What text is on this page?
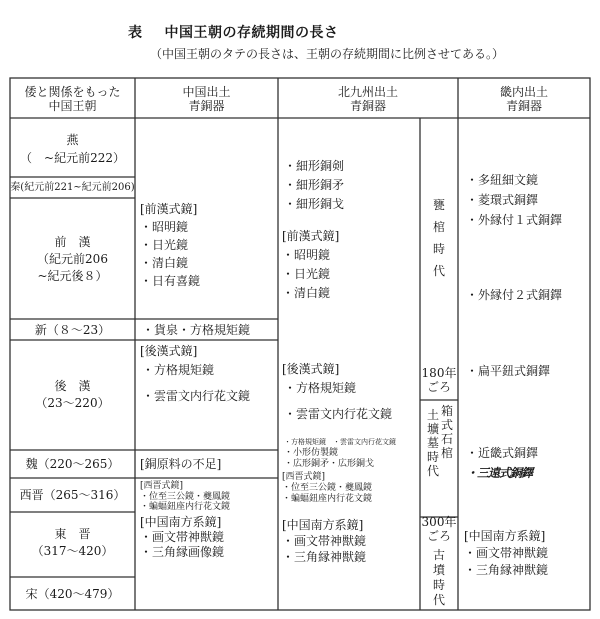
表 中国王朝の存続期間の長さ
（中国王朝のタテの長さは、王朝の存続期間に比例させてある。）
倭と関係をもった
中国王朝
中国出土
青銅器
北九州出土
青銅器
畿内出土
青銅器
燕
（　~紀元前222）
秦(紀元前221~紀元前206)
前　漢
（紀元前206
~紀元後８）
新（８～23）
後　漢
（23～220）
魏（220～265）
西晋（265～316）
東　晋
（317～420）
宋（420～479）
[前漢式鏡]
・昭明鏡
・日光鏡
・清白鏡
・日有喜鏡
・貨泉・方格規矩鏡
[後漢式鏡]
・方格規矩鏡
・雲雷文内行花文鏡
[銅原料の不足]
[西晋式鏡]
・位至三公鏡・夔鳳鏡
・蝙蝠鈕座内行花文鏡
[中国南方系鏡]
・画文帯神獣鏡
・三角縁画像鏡
・細形銅剣
・細形銅矛
・細形銅戈
[前漢式鏡]
・昭明鏡
・日光鏡
・清白鏡
[後漢式鏡]
・方格規矩鏡
・雲雷文内行花文鏡
・方格規矩鏡　・雲雷文内行花文鏡
・小形仿製鏡
・広形銅矛・広形銅戈
[西晋式鏡]
・位至三公鏡・夔鳳鏡
・蝙蝠鈕座内行花文鏡
[中国南方系鏡]
・画文帯神獣鏡
・三角縁神獣鏡
甕
棺
時
代
180年
ごろ
土
壙
墓
時
代
箱
式
石
棺
300年
ごろ
古
墳
時
代
・多紐細文鏡
・菱環式銅鐸
・外縁付１式銅鐸
・外縁付２式銅鐸
・扁平鈕式銅鐸
・近畿式銅鐸
・三遠式銅鐸
[中国南方系鏡]
・画文帯神獣鏡
・三角縁神獣鏡
